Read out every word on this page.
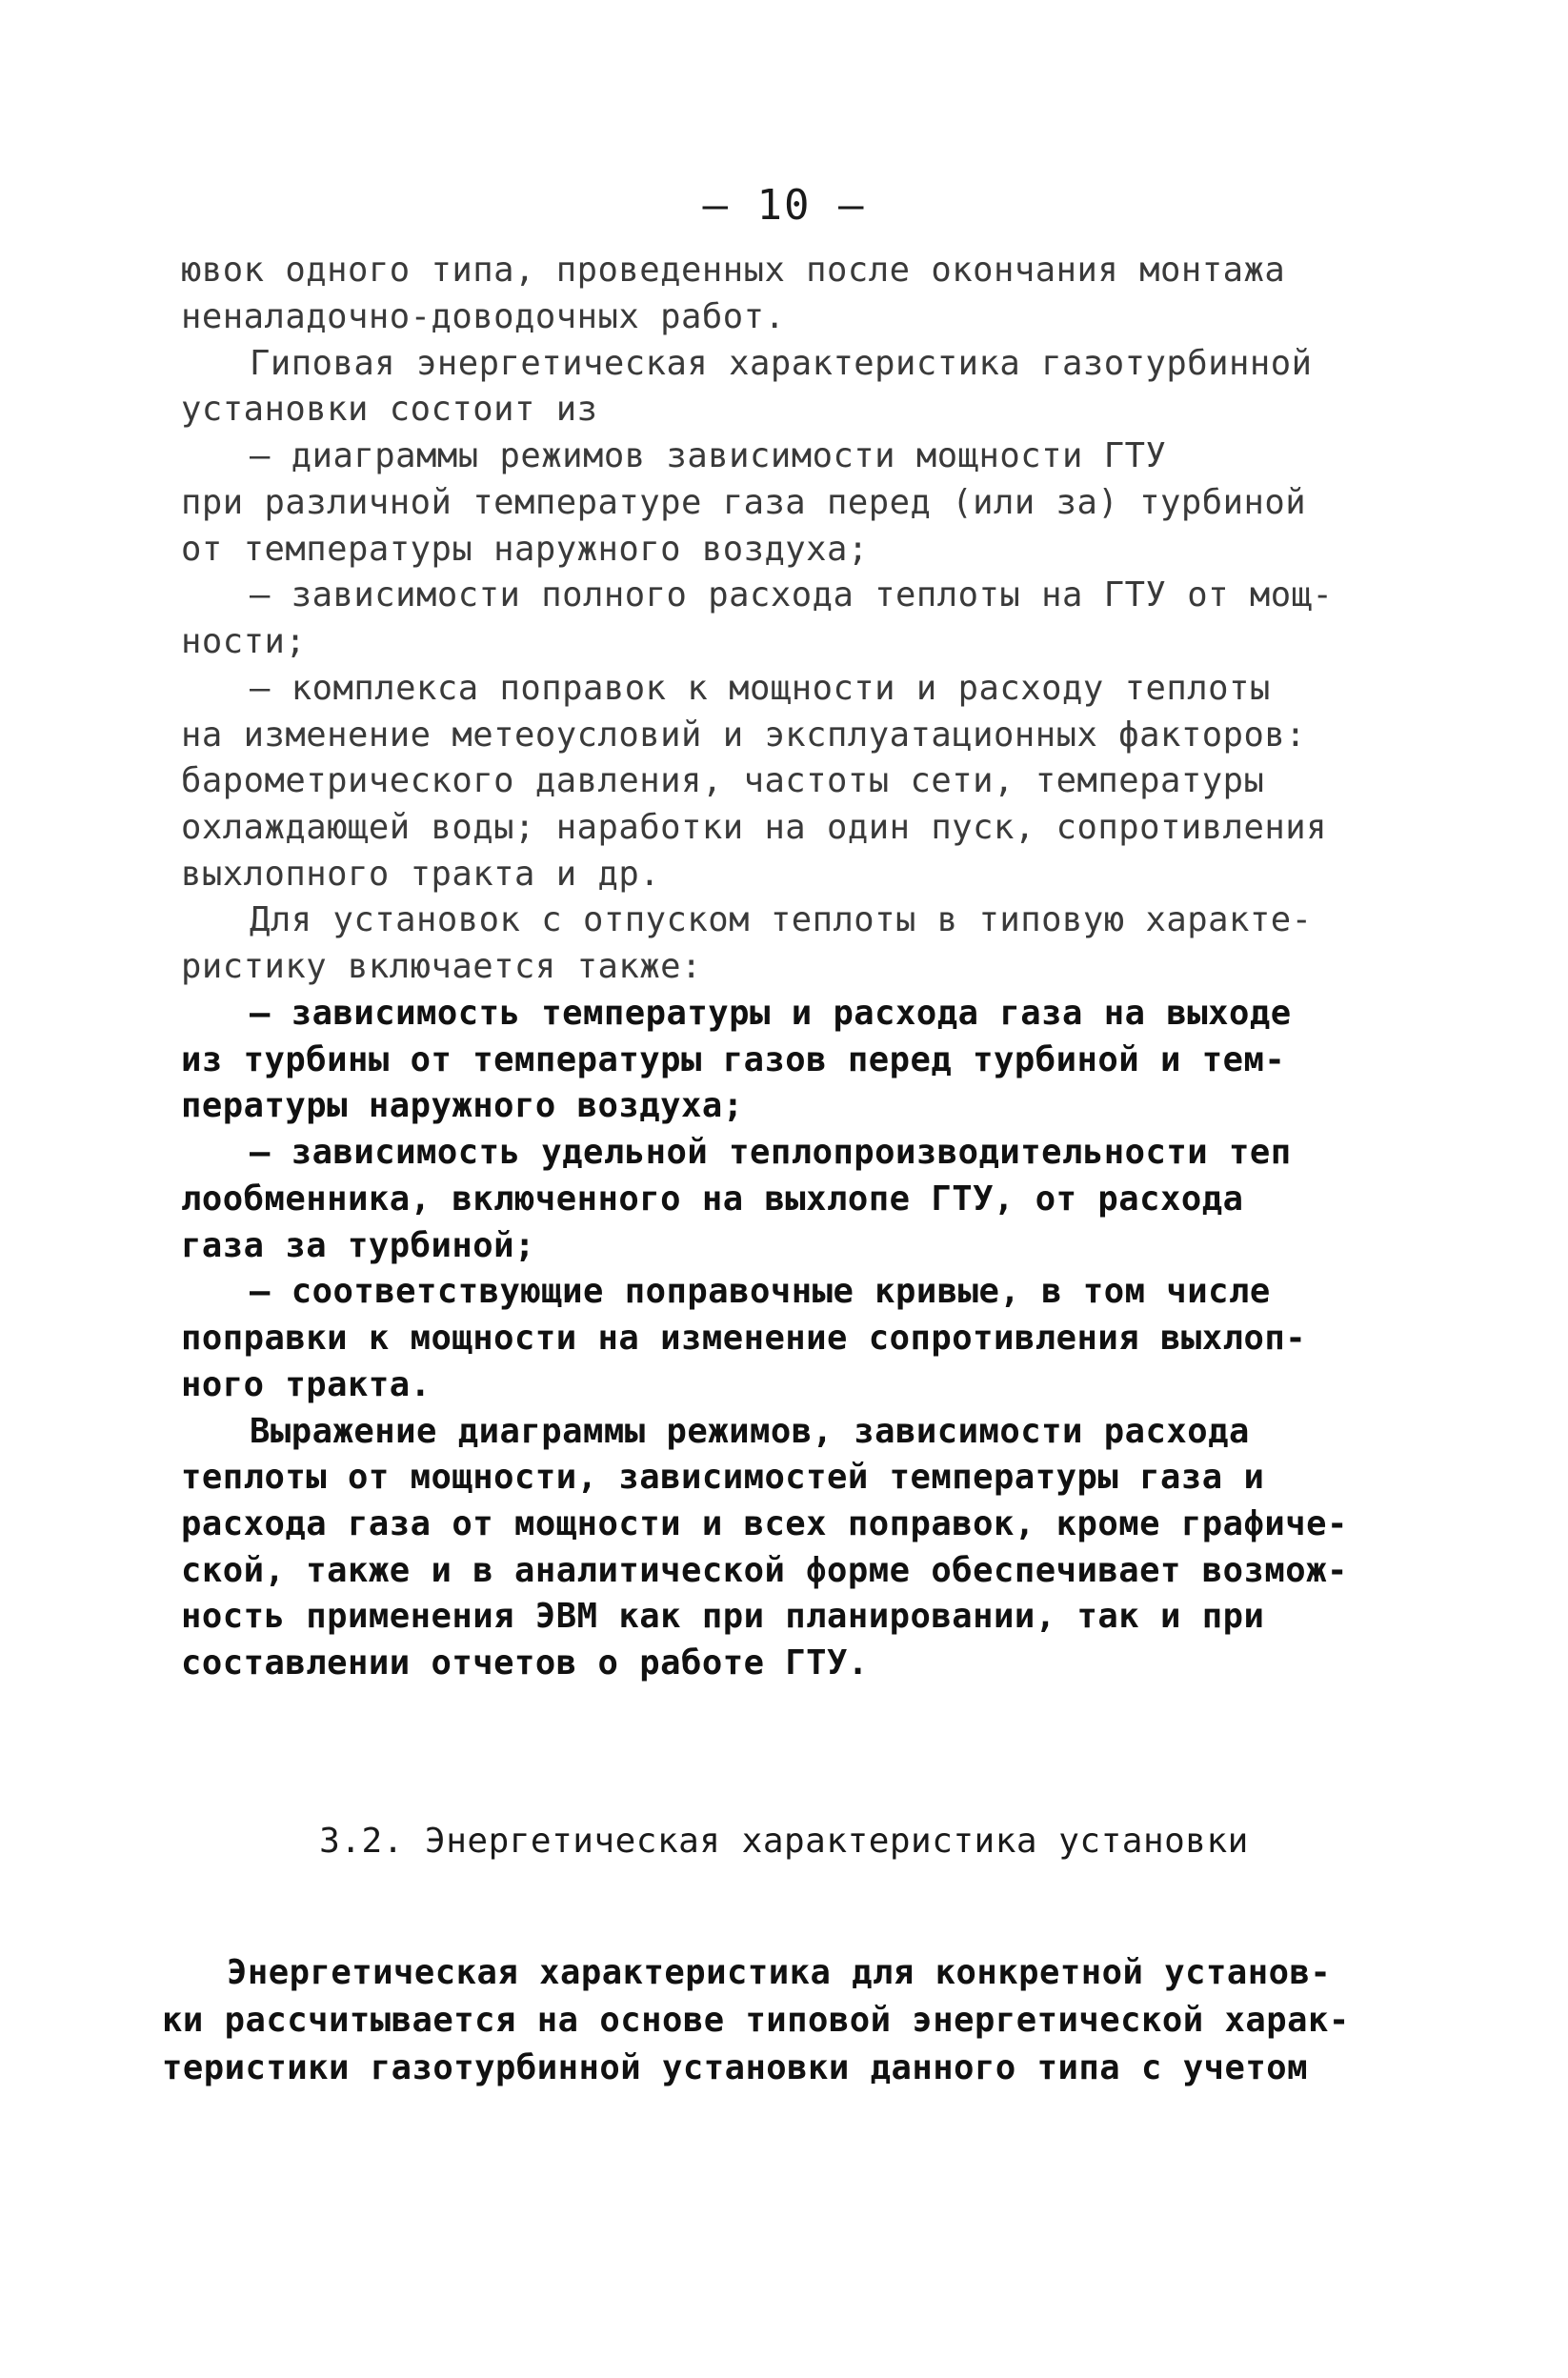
– 10 –
ювок одного типа, проведенных после окончания монтажа
неналадочно-доводочных работ.
Гиповая энергетическая характеристика газотурбинной
установки состоит из
– диаграммы режимов зависимости мощности ГТУ
при различной температуре газа перед (или за) турбиной
от температуры наружного воздуха;
– зависимости полного расхода теплоты на ГТУ от мощ-
ности;
– комплекса поправок к мощности и расходу теплоты
на изменение метеоусловий и эксплуатационных факторов:
барометрического давления, частоты сети, температуры
охлаждающей воды; наработки на один пуск, сопротивления
выхлопного тракта и др.
Для установок с отпуском теплоты в типовую характе-
ристику включается также:
– зависимость температуры и расхода газа на выходе
из турбины от температуры газов перед турбиной и тем-
пературы наружного воздуха;
– зависимость удельной теплопроизводительности теп
лообменника, включенного на выхлопе ГТУ, от расхода
газа за турбиной;
– соответствующие поправочные кривые, в том числе
поправки к мощности на изменение сопротивления выхлоп-
ного тракта.
Выражение диаграммы режимов, зависимости расхода
теплоты от мощности, зависимостей температуры газа и
расхода газа от мощности и всех поправок, кроме графиче-
ской, также и в аналитической форме обеспечивает возмож-
ность применения ЭВМ как при планировании, так и при
составлении отчетов о работе ГТУ.
3.2. Энергетическая характеристика установки
Энергетическая характеристика для конкретной установ-
ки рассчитывается на основе типовой энергетической харак-
теристики газотурбинной установки данного типа с учетом
